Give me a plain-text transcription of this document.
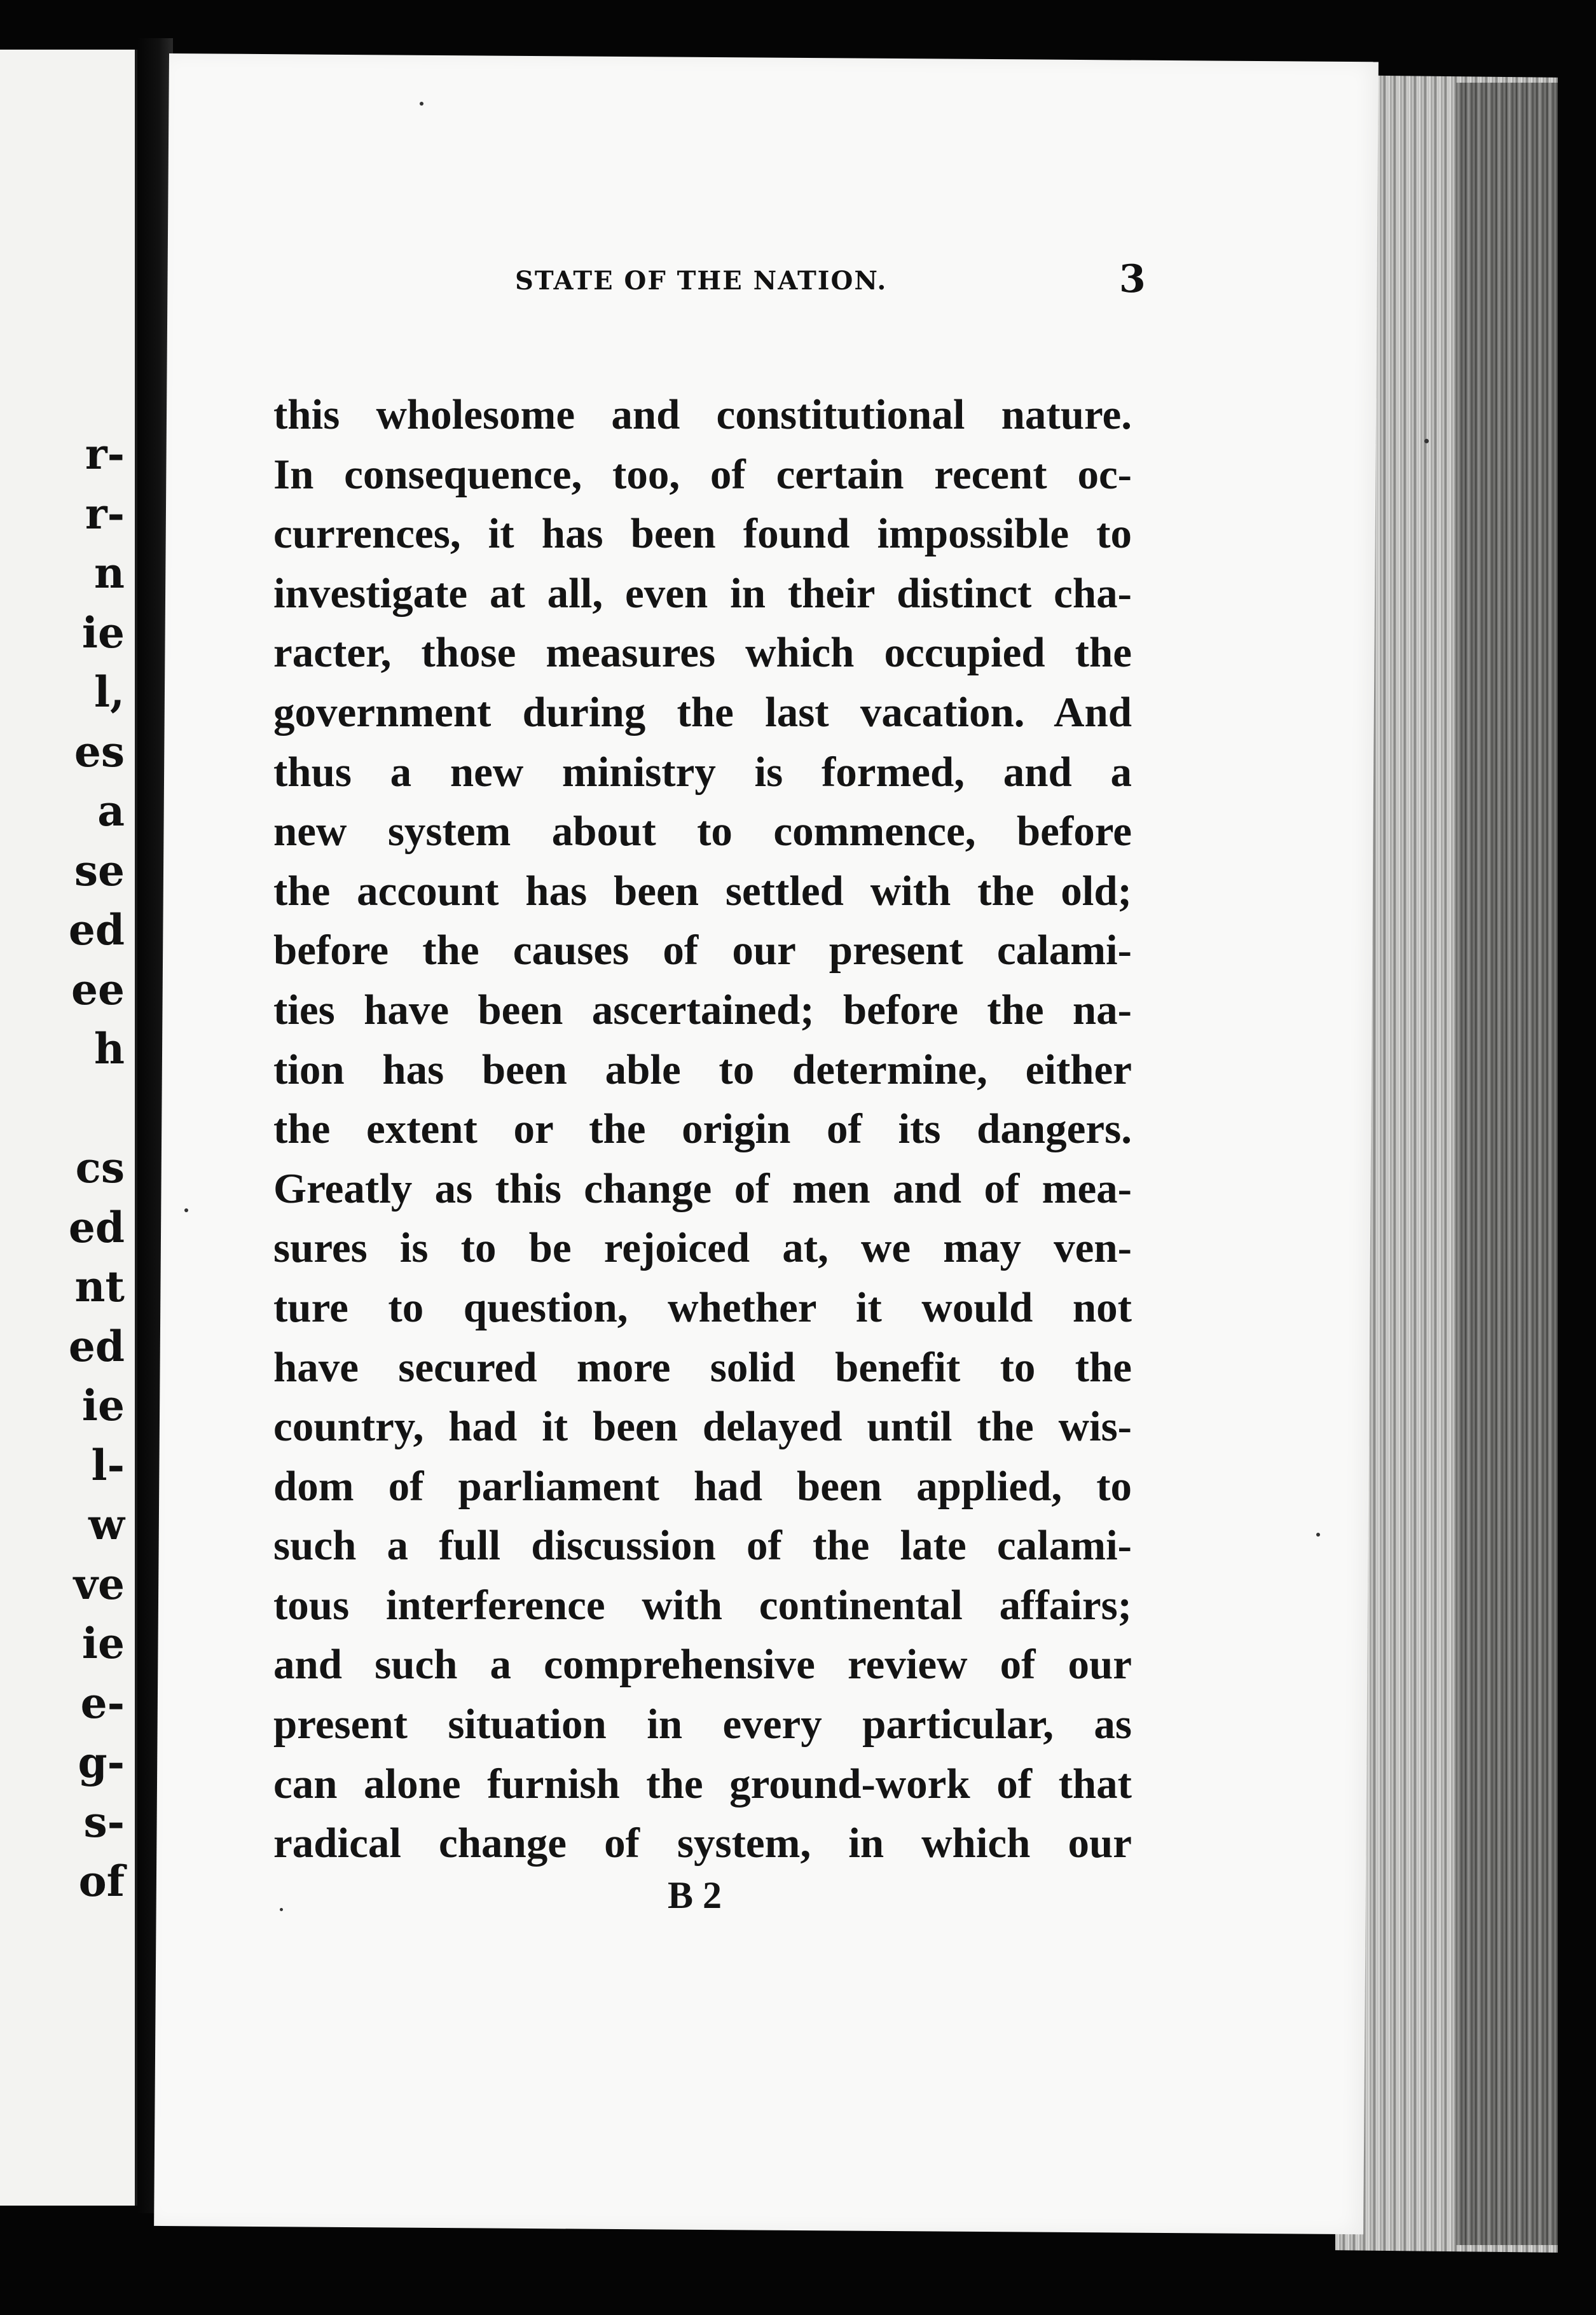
r-
r-
n
ie
l,
es
a
se
ed
ee
h
cs
ed
nt
ed
ie
l-
w
ve
ie
e-
g-
s-
of
STATE OF THE NATION.	3
this wholesome and constitutional nature.
In consequence, too, of certain recent oc-
currences, it has been found impossible to
investigate at all, even in their distinct cha-
racter, those measures which occupied the
government during the last vacation. And
thus a new ministry is formed, and a
new system about to commence, before
the account has been settled with the old;
before the causes of our present calami-
ties have been ascertained; before the na-
tion has been able to determine, either
the extent or the origin of its dangers.
Greatly as this change of men and of mea-
sures is to be rejoiced at, we may ven-
ture to question, whether it would not
have secured more solid benefit to the
country, had it been delayed until the wis-
dom of parliament had been applied, to
such a full discussion of the late calami-
tous interference with continental affairs;
and such a comprehensive review of our
present situation in every particular, as
can alone furnish the ground-work of that
radical change of system, in which our
B 2
